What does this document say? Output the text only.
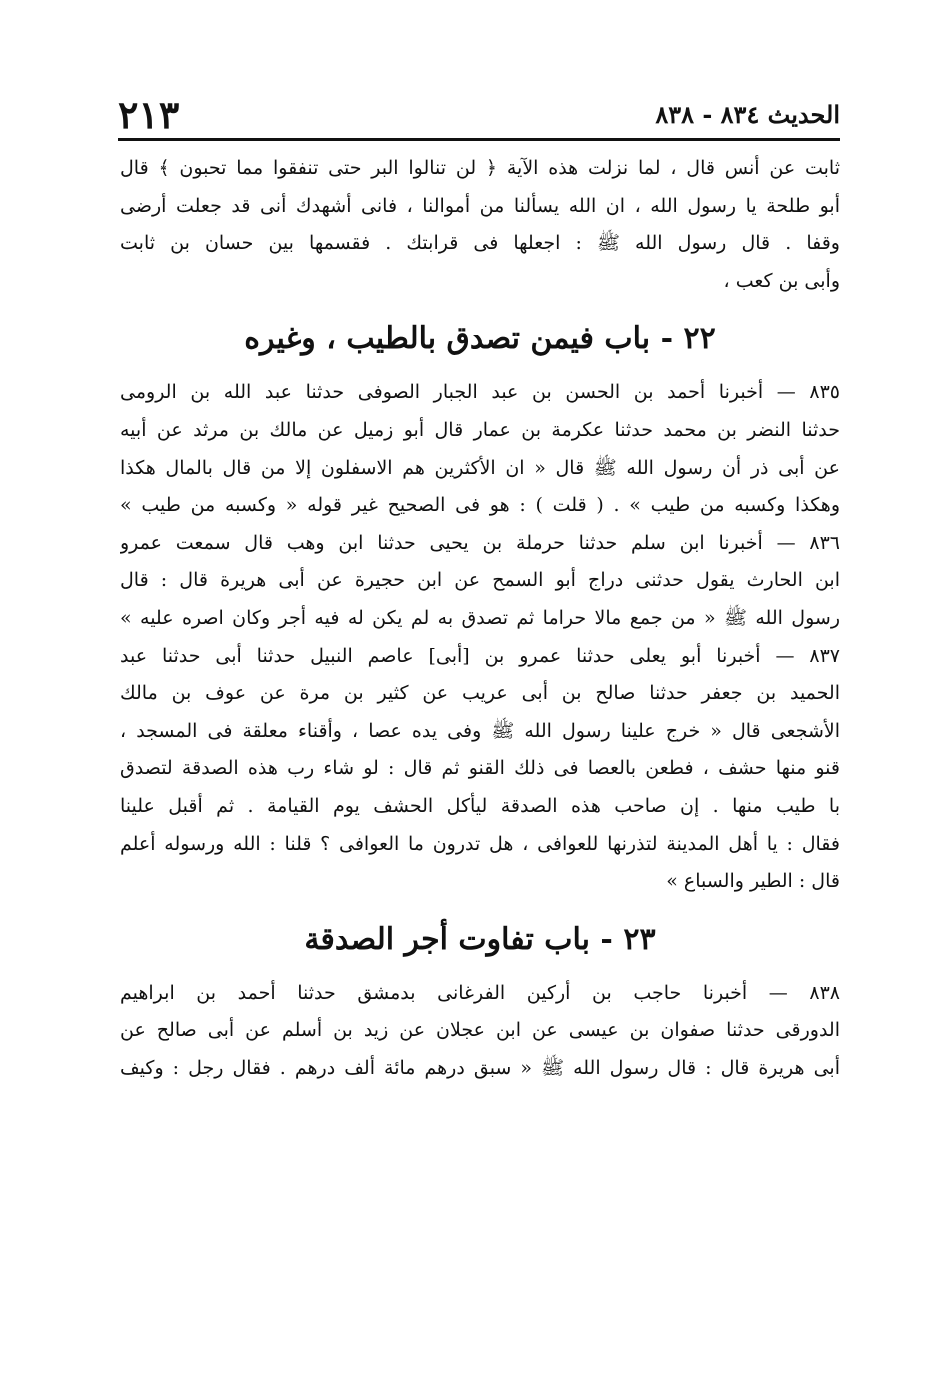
الحديث ٨٣٤ - ٨٣٨
٢١٣

ثابت عن أنس قال ، لما نزلت هذه الآية ﴿ لن تنالوا البر حتى تنفقوا مما تحبون ﴾ قال
أبو طلحة يا رسول الله ، ان الله يسألنا من أموالنا ، فانى أشهدك أنى قد جعلت أرضى
وقفا . قال رسول الله ﷺ : اجعلها فى قرابتك . فقسمها بين حسان بن ثابت
وأبى بن كعب ،

٢٢ - باب فيمن تصدق بالطيب ، وغيره

٨٣٥ — أخبرنا أحمد بن الحسن بن عبد الجبار الصوفى حدثنا عبد الله بن الرومى
حدثنا النضر بن محمد حدثنا عكرمة بن عمار قال أبو زميل عن مالك بن مرثد عن أبيه
عن أبى ذر أن رسول الله ﷺ قال « ان الأكثرين هم الاسفلون إلا من قال بالمال هكذا
وهكذا وكسبه من طيب » . ( قلت ) : هو فى الصحيح غير قوله « وكسبه من طيب »

٨٣٦ — أخبرنا ابن سلم حدثنا حرملة بن يحيى حدثنا ابن وهب قال سمعت عمرو
ابن الحارث يقول حدثنى دراج أبو السمح عن ابن حجيرة عن أبى هريرة قال : قال
رسول الله ﷺ « من جمع مالا حراما ثم تصدق به لم يكن له فيه أجر وكان اصره عليه »

٨٣٧ — أخبرنا أبو يعلى حدثنا عمرو بن [أبى] عاصم النبيل حدثنا أبى حدثنا عبد
الحميد بن جعفر حدثنا صالح بن أبى عريب عن كثير بن مرة عن عوف بن مالك
الأشجعى قال « خرج علينا رسول الله ﷺ وفى يده عصا ، وأقناء معلقة فى المسجد ،
قنو منها حشف ، فطعن بالعصا فى ذلك القنو ثم قال : لو شاء رب هذه الصدقة لتصدق
با طيب منها . إن صاحب هذه الصدقة ليأكل الحشف يوم القيامة . ثم أقبل علينا
فقال : يا أهل المدينة لتذرنها للعوافى ، هل تدرون ما العوافى ؟ قلنا : الله ورسوله أعلم
قال : الطير والسباع »

٢٣ - باب تفاوت أجر الصدقة

٨٣٨ — أخبرنا حاجب بن أركين الفرغانى بدمشق حدثنا أحمد بن ابراهيم
الدورقى حدثنا صفوان بن عيسى عن ابن عجلان عن زيد بن أسلم عن أبى صالح عن
أبى هريرة قال : قال رسول الله ﷺ « سبق درهم مائة ألف درهم . فقال رجل : وكيف
